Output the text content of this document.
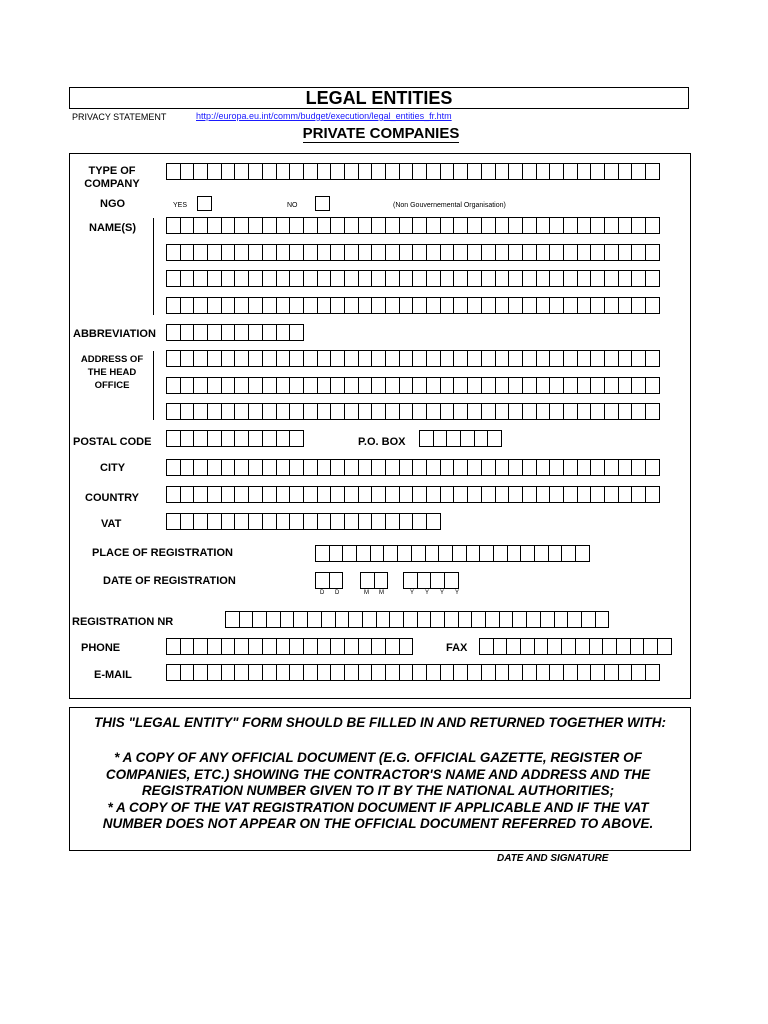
LEGAL ENTITIES
PRIVACY STATEMENT	http://europa.eu.int/comm/budget/execution/legal_entities_fr.htm
PRIVATE COMPANIES
TYPE OF
COMPANY
NGO	YES	NO	(Non Gouvernemental Organisation)
NAME(S)
ABBREVIATION
ADDRESS OF
THE HEAD
OFFICE
POSTAL CODE	P.O. BOX
CITY
COUNTRY
VAT
PLACE OF REGISTRATION
DATE OF REGISTRATION
D D	M M	Y Y Y Y
REGISTRATION NR
PHONE	FAX
E-MAIL
THIS "LEGAL ENTITY" FORM SHOULD BE FILLED IN AND RETURNED TOGETHER WITH:
* A COPY OF ANY OFFICIAL DOCUMENT (E.G. OFFICIAL GAZETTE, REGISTER OF
COMPANIES, ETC.) SHOWING THE CONTRACTOR'S NAME AND ADDRESS AND THE
REGISTRATION NUMBER GIVEN TO IT BY THE NATIONAL AUTHORITIES;
* A COPY OF THE VAT REGISTRATION DOCUMENT IF APPLICABLE AND IF THE VAT
NUMBER DOES NOT APPEAR ON THE OFFICIAL DOCUMENT REFERRED TO ABOVE.
DATE AND SIGNATURE
